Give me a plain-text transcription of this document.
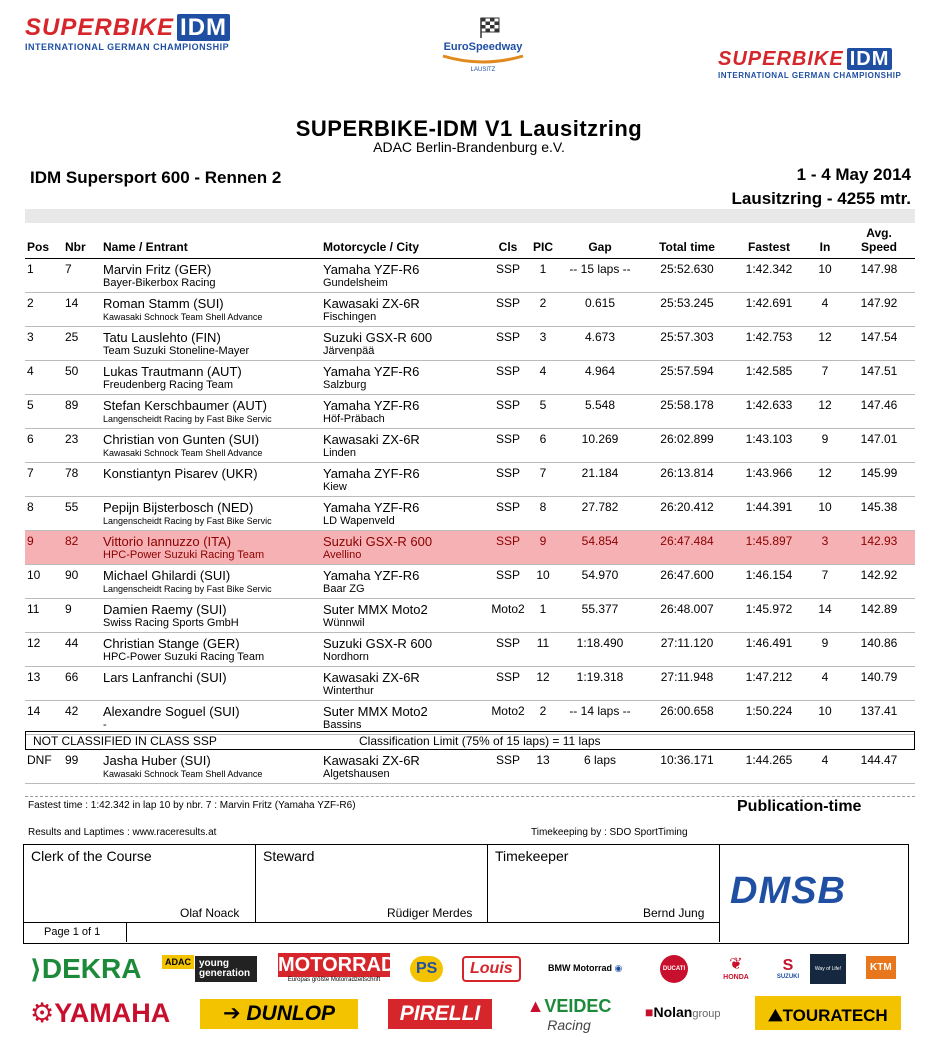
SUPERBIKE IDM
INTERNATIONAL GERMAN CHAMPIONSHIP	EuroSpeedway
LAUSITZ	SUPERBIKE IDM
INTERNATIONAL GERMAN CHAMPIONSHIP
SUPERBIKE-IDM V1 Lausitzring
ADAC Berlin-Brandenburg e.V.
IDM Supersport 600 - Rennen 2	1 - 4 May 2014
Lausitzring - 4255 mtr.
Pos	Nbr	Name / Entrant	Motorcycle / City	Cls	PIC	Gap	Total time	Fastest	In	Avg.
Speed
1	7	Marvin Fritz (GER)
Bayer-Bikerbox Racing	Yamaha YZF-R6
Gundelsheim	SSP	1	-- 15 laps --	25:52.630	1:42.342	10	147.98
2	14	Roman Stamm (SUI)
Kawasaki Schnock Team Shell Advance	Kawasaki ZX-6R
Fischingen	SSP	2	0.615	25:53.245	1:42.691	4	147.92
3	25	Tatu Lauslehto (FIN)
Team Suzuki Stoneline-Mayer	Suzuki GSX-R 600
Järvenpää	SSP	3	4.673	25:57.303	1:42.753	12	147.54
4	50	Lukas Trautmann (AUT)
Freudenberg Racing Team	Yamaha YZF-R6
Salzburg	SSP	4	4.964	25:57.594	1:42.585	7	147.51
5	89	Stefan Kerschbaumer (AUT)
Langenscheidt Racing by Fast Bike Servic	Yamaha YZF-R6
Höf-Präbach	SSP	5	5.548	25:58.178	1:42.633	12	147.46
6	23	Christian von Gunten (SUI)
Kawasaki Schnock Team Shell Advance	Kawasaki ZX-6R
Linden	SSP	6	10.269	26:02.899	1:43.103	9	147.01
7	78	Konstiantyn Pisarev (UKR)	Yamaha ZYF-R6
Kiew	SSP	7	21.184	26:13.814	1:43.966	12	145.99
8	55	Pepijn Bijsterbosch (NED)
Langenscheidt Racing by Fast Bike Servic	Yamaha YZF-R6
LD Wapenveld	SSP	8	27.782	26:20.412	1:44.391	10	145.38
9	82	Vittorio Iannuzzo (ITA)
HPC-Power Suzuki Racing Team	Suzuki GSX-R 600
Avellino	SSP	9	54.854	26:47.484	1:45.897	3	142.93
10	90	Michael Ghilardi (SUI)
Langenscheidt Racing by Fast Bike Servic	Yamaha YZF-R6
Baar ZG	SSP	10	54.970	26:47.600	1:46.154	7	142.92
11	9	Damien Raemy (SUI)
Swiss Racing Sports GmbH	Suter MMX Moto2
Wünnwil	Moto2	1	55.377	26:48.007	1:45.972	14	142.89
12	44	Christian Stange (GER)
HPC-Power Suzuki Racing Team	Suzuki GSX-R 600
Nordhorn	SSP	11	1:18.490	27:11.120	1:46.491	9	140.86
13	66	Lars Lanfranchi (SUI)	Kawasaki ZX-6R
Winterthur	SSP	12	1:19.318	27:11.948	1:47.212	4	140.79
14	42	Alexandre Soguel (SUI)
-	Suter MMX Moto2
Bassins	Moto2	2	-- 14 laps --	26:00.658	1:50.224	10	137.41
NOT CLASSIFIED IN CLASS SSP	Classification Limit (75% of 15 laps) = 11 laps
DNF	99	Jasha Huber (SUI)
Kawasaki Schnock Team Shell Advance

Kawasaki ZX-6R
Algetshausen
	SSP	13	6 laps	10:36.171	1:44.265	4	144.47
Fastest time : 1:42.342 in lap 10 by nbr. 7 : Marvin Fritz (Yamaha YZF-R6)
Results and Laptimes : www.raceresults.at	Timekeeping by : SDO SportTiming
Publication-time
Clerk of the Course
Olaf Noack
Steward
Rüdiger Merdes
Timekeeper
Bernd Jung
Page 1 of 1
DMSB
⟩DEKRA	ADAC young generation	MOTORRAD
Europas größte Motorradzeitschrift
PS	Louis	BMW Motorrad ◉	DUCATI	❦
HONDA
S
SUZUKI
Way of Life!	KTM
⚙YAMAHA	➔ DUNLOP	PIRELLI	▲VEIDEC
Racing
■Nolangroup	⛰TOURATECH
